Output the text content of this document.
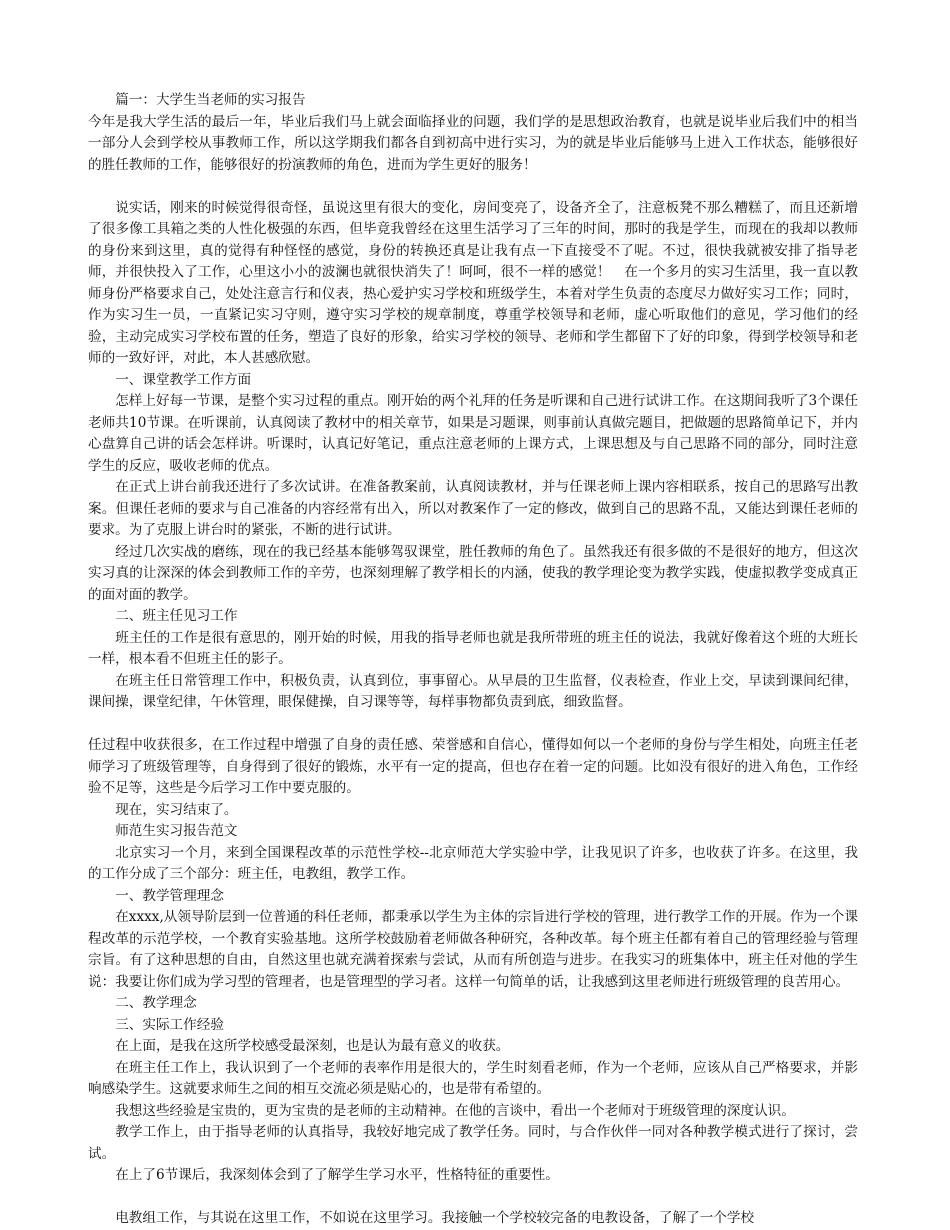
篇一：大学生当老师的实习报告

今年是我大学生活的最后一年，毕业后我们马上就会面临择业的问题，我们学的是思想政治教育，也就是说毕业后我们中的相当一部分人会到学校从事教师工作，所以这学期我们都各自到初高中进行实习，为的就是毕业后能够马上进入工作状态，能够很好的胜任教师的工作，能够很好的扮演教师的角色，进而为学生更好的服务！

说实话，刚来的时候觉得很奇怪，虽说这里有很大的变化，房间变亮了，设备齐全了，注意板凳不那么糟糕了，而且还新增了很多像工具箱之类的人性化极强的东西，但毕竟我曾经在这里生活学习了三年的时间，那时的我是学生，而现在的我却以教师的身份来到这里，真的觉得有种怪怪的感觉，身份的转换还真是让我有点一下直接受不了呢。不过，很快我就被安排了指导老师，并很快投入了工作，心里这小小的波澜也就很快消失了！呵呵，很不一样的感觉！　在一个多月的实习生活里，我一直以教师身份严格要求自己，处处注意言行和仪表，热心爱护实习学校和班级学生，本着对学生负责的态度尽力做好实习工作；同时，作为实习生一员，一直紧记实习守则，遵守实习学校的规章制度，尊重学校领导和老师，虚心听取他们的意见，学习他们的经验，主动完成实习学校布置的任务，塑造了良好的形象，给实习学校的领导、老师和学生都留下了好的印象，得到学校领导和老师的一致好评，对此，本人甚感欣慰。

一、课堂教学工作方面

怎样上好每一节课，是整个实习过程的重点。刚开始的两个礼拜的任务是听课和自己进行试讲工作。在这期间我听了3个课任老师共10节课。在听课前，认真阅读了教材中的相关章节，如果是习题课，则事前认真做完题目，把做题的思路简单记下，并内心盘算自己讲的话会怎样讲。听课时，认真记好笔记，重点注意老师的上课方式，上课思想及与自己思路不同的部分，同时注意学生的反应，吸收老师的优点。

在正式上讲台前我还进行了多次试讲。在准备教案前，认真阅读教材，并与任课老师上课内容相联系，按自己的思路写出教案。但课任老师的要求与自己准备的内容经常有出入，所以对教案作了一定的修改，做到自己的思路不乱，又能达到课任老师的要求。为了克服上讲台时的紧张，不断的进行试讲。

经过几次实战的磨练，现在的我已经基本能够驾驭课堂，胜任教师的角色了。虽然我还有很多做的不是很好的地方，但这次实习真的让深深的体会到教师工作的辛劳，也深刻理解了教学相长的内涵，使我的教学理论变为教学实践，使虚拟教学变成真正的面对面的教学。

二、班主任见习工作

班主任的工作是很有意思的，刚开始的时候，用我的指导老师也就是我所带班的班主任的说法，我就好像着这个班的大班长一样，根本看不但班主任的影子。

在班主任日常管理工作中，积极负责，认真到位，事事留心。从早晨的卫生监督，仪表检查，作业上交，早读到课间纪律，课间操，课堂纪律，午休管理，眼保健操，自习课等等，每样事物都负责到底，细致监督。

任过程中收获很多，在工作过程中增强了自身的责任感、荣誉感和自信心，懂得如何以一个老师的身份与学生相处，向班主任老师学习了班级管理等，自身得到了很好的锻炼，水平有一定的提高，但也存在着一定的问题。比如没有很好的进入角色，工作经验不足等，这些是今后学习工作中要克服的。

现在，实习结束了。

师范生实习报告范文

北京实习一个月，来到全国课程改革的示范性学校--北京师范大学实验中学，让我见识了许多，也收获了许多。在这里，我的工作分成了三个部分：班主任，电教组，教学工作。

一、教学管理理念

在xxxx,从领导阶层到一位普通的科任老师，都秉承以学生为主体的宗旨进行学校的管理，进行教学工作的开展。作为一个课程改革的示范学校，一个教育实验基地。这所学校鼓励着老师做各种研究，各种改革。每个班主任都有着自己的管理经验与管理宗旨。有了这种思想的自由，自然这里也就充满着探索与尝试，从而有所创造与进步。在我实习的班集体中，班主任对他的学生说：我要让你们成为学习型的管理者，也是管理型的学习者。这样一句简单的话，让我感到这里老师进行班级管理的良苦用心。

二、教学理念

三、实际工作经验

在上面，是我在这所学校感受最深刻，也是认为最有意义的收获。

在班主任工作上，我认识到了一个老师的表率作用是很大的，学生时刻看老师，作为一个老师，应该从自己严格要求，并影响感染学生。这就要求师生之间的相互交流必须是贴心的，也是带有希望的。

我想这些经验是宝贵的，更为宝贵的是老师的主动精神。在他的言谈中，看出一个老师对于班级管理的深度认识。

教学工作上，由于指导老师的认真指导，我较好地完成了教学任务。同时，与合作伙伴一同对各种教学模式进行了探讨，尝试。

在上了6节课后，我深刻体会到了了解学生学习水平，性格特征的重要性。

电教组工作，与其说在这里工作，不如说在这里学习。我接触一个学校较完备的电教设备，了解了一个学校
